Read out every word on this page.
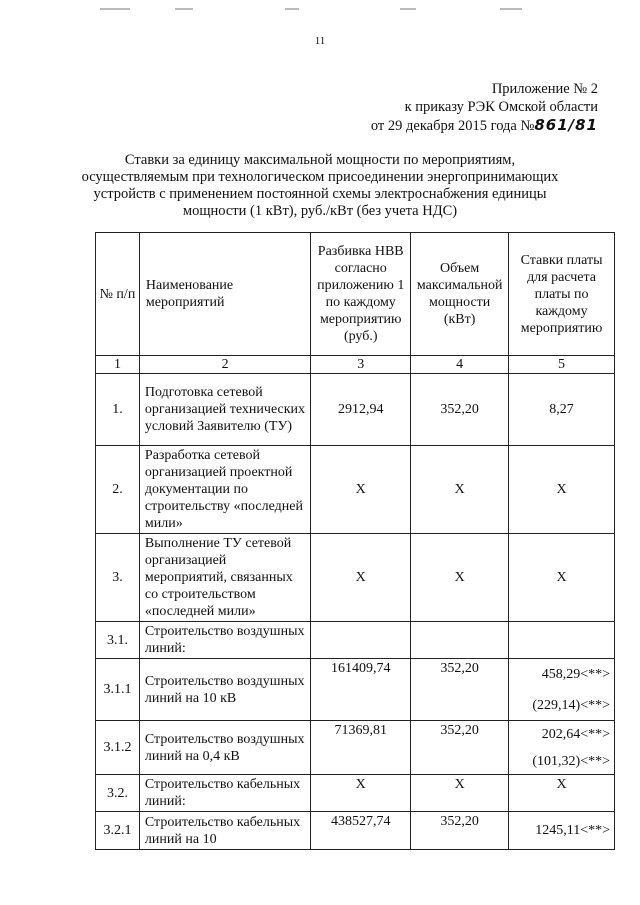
11
Приложение № 2
к приказу РЭК Омской области
от 29 декабря 2015 года №861/81
Ставки за единицу максимальной мощности по мероприятиям, осуществляемым при технологическом присоединении энергопринимающих устройств с применением постоянной схемы электроснабжения единицы мощности (1 кВт), руб./кВт (без учета НДС)
№ п/п	Наименование мероприятий	Разбивка НВВ согласно приложению 1 по каждому мероприятию (руб.)	Объем максимальной мощности (кВт)	Ставки платы для расчета платы по каждому мероприятию
1	2	3	4	5
1.	Подготовка сетевой организацией технических условий Заявителю (ТУ)	2912,94	352,20	8,27
2.	Разработка сетевой организацией проектной документации по строительству «последней мили»	Х	Х	Х
3.	Выполнение ТУ сетевой организацией мероприятий, связанных со строительством «последней мили»	Х	Х	Х
3.1.	Строительство воздушных линий:			
3.1.1	Строительство воздушных линий на 10 кВ	161409,74	352,20	458,29<**>
(229,14)<**>

3.1.2	Строительство воздушных линий на 0,4 кВ	71369,81	352,20	202,64<**>
(101,32)<**>

3.2.	Строительство кабельных линий:	Х	Х	Х
3.2.1	Строительство кабельных линий на 10	438527,74	352,20	1245,11<**>
